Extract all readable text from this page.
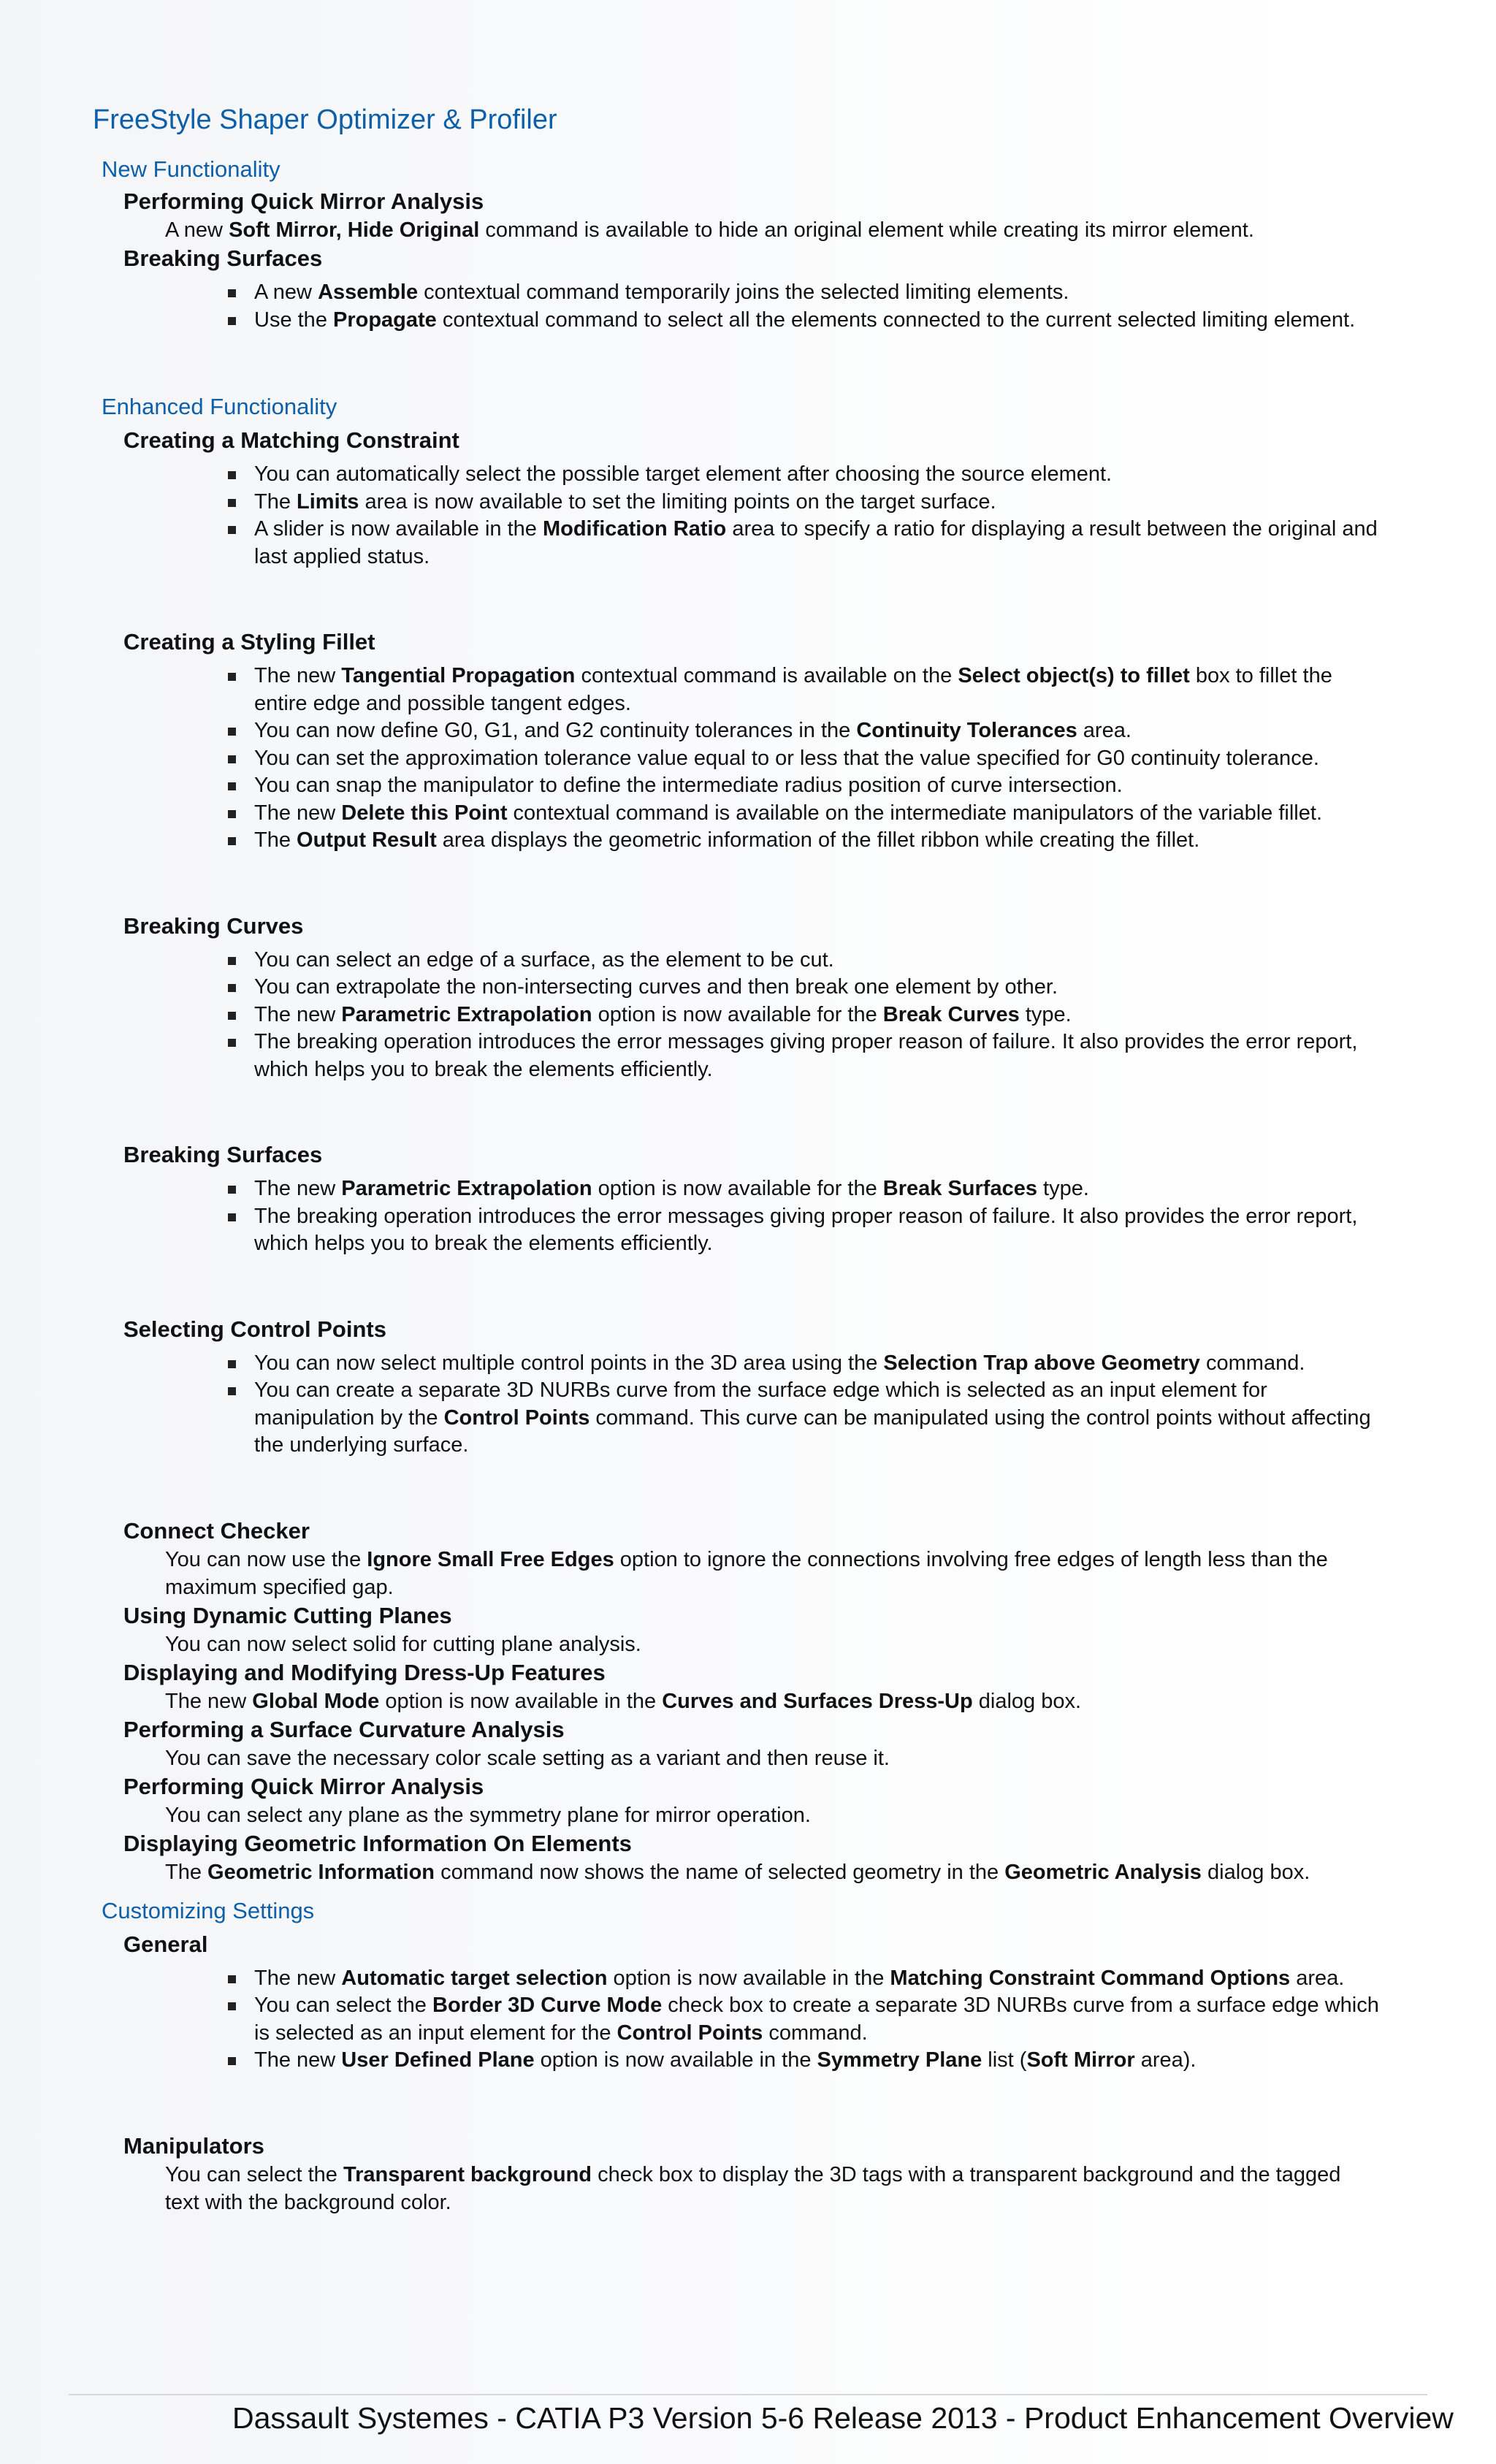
FreeStyle Shaper Optimizer & Profiler
New Functionality
Performing Quick Mirror Analysis
A new Soft Mirror, Hide Original command is available to hide an original element while creating its mirror element.
Breaking Surfaces
A new Assemble contextual command temporarily joins the selected limiting elements.
Use the Propagate contextual command to select all the elements connected to the current selected limiting element.
Enhanced Functionality
Creating a Matching Constraint
You can automatically select the possible target element after choosing the source element.
The Limits area is now available to set the limiting points on the target surface.
A slider is now available in the Modification Ratio area to specify a ratio for displaying a result between the original and last applied status.
Creating a Styling Fillet
The new Tangential Propagation contextual command is available on the Select object(s) to fillet box to fillet the entire edge and possible tangent edges.
You can now define G0, G1, and G2 continuity tolerances in the Continuity Tolerances area.
You can set the approximation tolerance value equal to or less that the value specified for G0 continuity tolerance.
You can snap the manipulator to define the intermediate radius position of curve intersection.
The new Delete this Point contextual command is available on the intermediate manipulators of the variable fillet.
The Output Result area displays the geometric information of the fillet ribbon while creating the fillet.
Breaking Curves
You can select an edge of a surface, as the element to be cut.
You can extrapolate the non-intersecting curves and then break one element by other.
The new Parametric Extrapolation option is now available for the Break Curves type.
The breaking operation introduces the error messages giving proper reason of failure. It also provides the error report, which helps you to break the elements efficiently.
Breaking Surfaces
The new Parametric Extrapolation option is now available for the Break Surfaces type.
The breaking operation introduces the error messages giving proper reason of failure. It also provides the error report, which helps you to break the elements efficiently.
Selecting Control Points
You can now select multiple control points in the 3D area using the Selection Trap above Geometry command.
You can create a separate 3D NURBs curve from the surface edge which is selected as an input element for manipulation by the Control Points command. This curve can be manipulated using the control points without affecting the underlying surface.
Connect Checker
You can now use the Ignore Small Free Edges option to ignore the connections involving free edges of length less than the maximum specified gap.
Using Dynamic Cutting Planes
You can now select solid for cutting plane analysis.
Displaying and Modifying Dress-Up Features
The new Global Mode option is now available in the Curves and Surfaces Dress-Up dialog box.
Performing a Surface Curvature Analysis
You can save the necessary color scale setting as a variant and then reuse it.
Performing Quick Mirror Analysis
You can select any plane as the symmetry plane for mirror operation.
Displaying Geometric Information On Elements
The Geometric Information command now shows the name of selected geometry in the Geometric Analysis dialog box.
Customizing Settings
General
The new Automatic target selection option is now available in the Matching Constraint Command Options area.
You can select the Border 3D Curve Mode check box to create a separate 3D NURBs curve from a surface edge which is selected as an input element for the Control Points command.
The new User Defined Plane option is now available in the Symmetry Plane list (Soft Mirror area).
Manipulators
You can select the Transparent background check box to display the 3D tags with a transparent background and the tagged text with the background color.
Dassault Systemes - CATIA P3 Version 5-6 Release 2013 - Product Enhancement Overview
